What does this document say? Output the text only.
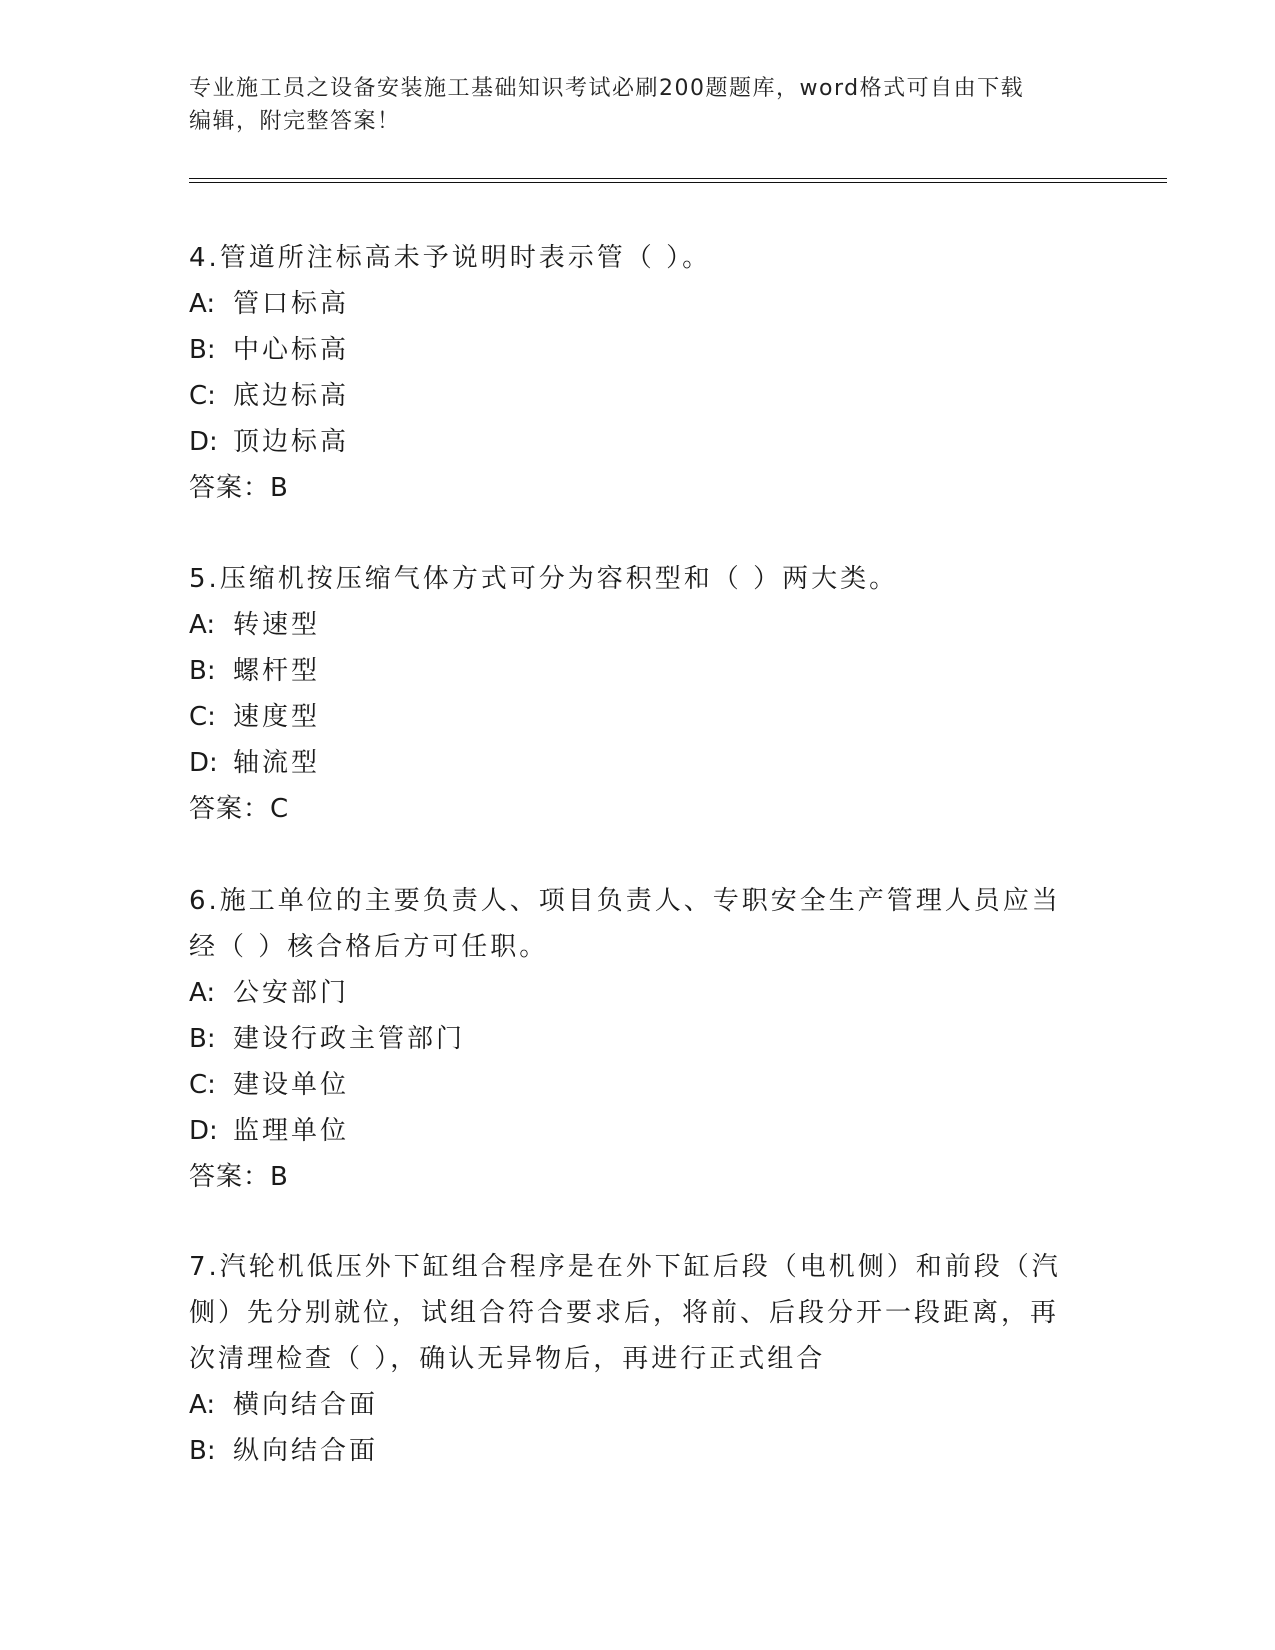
专业施工员之设备安装施工基础知识考试必刷200题题库，word格式可自由下载
编辑，附完整答案！
4.管道所注标高未予说明时表示管（ ）。
A: 管口标高
B: 中心标高
C: 底边标高
D: 顶边标高
答案：B
5.压缩机按压缩气体方式可分为容积型和（ ）两大类。
A: 转速型
B: 螺杆型
C: 速度型
D: 轴流型
答案：C
6.施工单位的主要负责人、项目负责人、专职安全生产管理人员应当
经（ ）核合格后方可任职。
A: 公安部门
B: 建设行政主管部门
C: 建设单位
D: 监理单位
答案：B
7.汽轮机低压外下缸组合程序是在外下缸后段（电机侧）和前段（汽
侧）先分别就位，试组合符合要求后，将前、后段分开一段距离，再
次清理检查（ ），确认无异物后，再进行正式组合
A: 横向结合面
B: 纵向结合面
